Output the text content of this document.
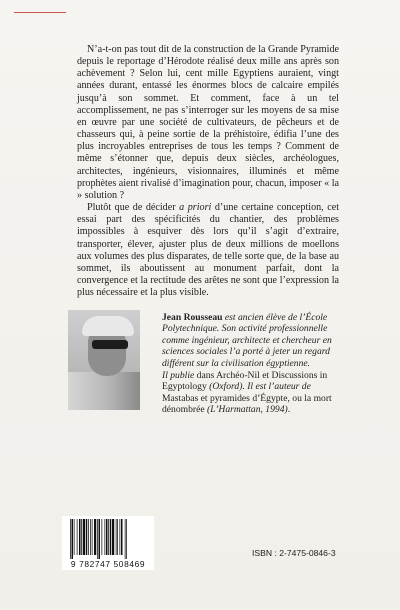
N’a-t-on pas tout dit de la construction de la Grande Pyramide depuis le reportage d’Hérodote réalisé deux mille ans après son achèvement ? Selon lui, cent mille Egyptiens auraient, vingt années durant, entassé les énormes blocs de calcaire empilés jusqu’à son sommet. Et comment, face à un tel accomplissement, ne pas s’interroger sur les moyens de sa mise en œuvre par une société de cultivateurs, de pêcheurs et de chasseurs qui, à peine sortie de la préhistoire, édifia l’une des plus incroyables entreprises de tous les temps ? Comment de même s’étonner que, depuis deux siècles, archéologues, architectes, ingénieurs, visionnaires, illuminés et même prophètes aient rivalisé d’imagination pour, chacun, imposer « la » solution ?

Plutôt que de décider a priori d’une certaine conception, cet essai part des spécificités du chantier, des problèmes impossibles à esquiver dès lors qu’il s’agit d’extraire, transporter, élever, ajuster plus de deux millions de moellons aux volumes des plus disparates, de telle sorte que, de la base au sommet, ils aboutissent au monument parfait, dont la convergence et la rectitude des arêtes ne sont que l’expression la plus nécessaire et la plus visible.

Jean Rousseau est ancien élève de l’École Polytechnique. Son activité professionnelle comme ingénieur, architecte et chercheur en sciences sociales l’a porté à jeter un regard différent sur la civilisation égyptienne.

Il publie dans Archéo-Nil et Discussions in Egyptology (Oxford). Il est l’auteur de Mastabas et pyramides d’Égypte, ou la mort dénombrée (L’Harmattan, 1994).

9 782747 508469
ISBN : 2-7475-0846-3
